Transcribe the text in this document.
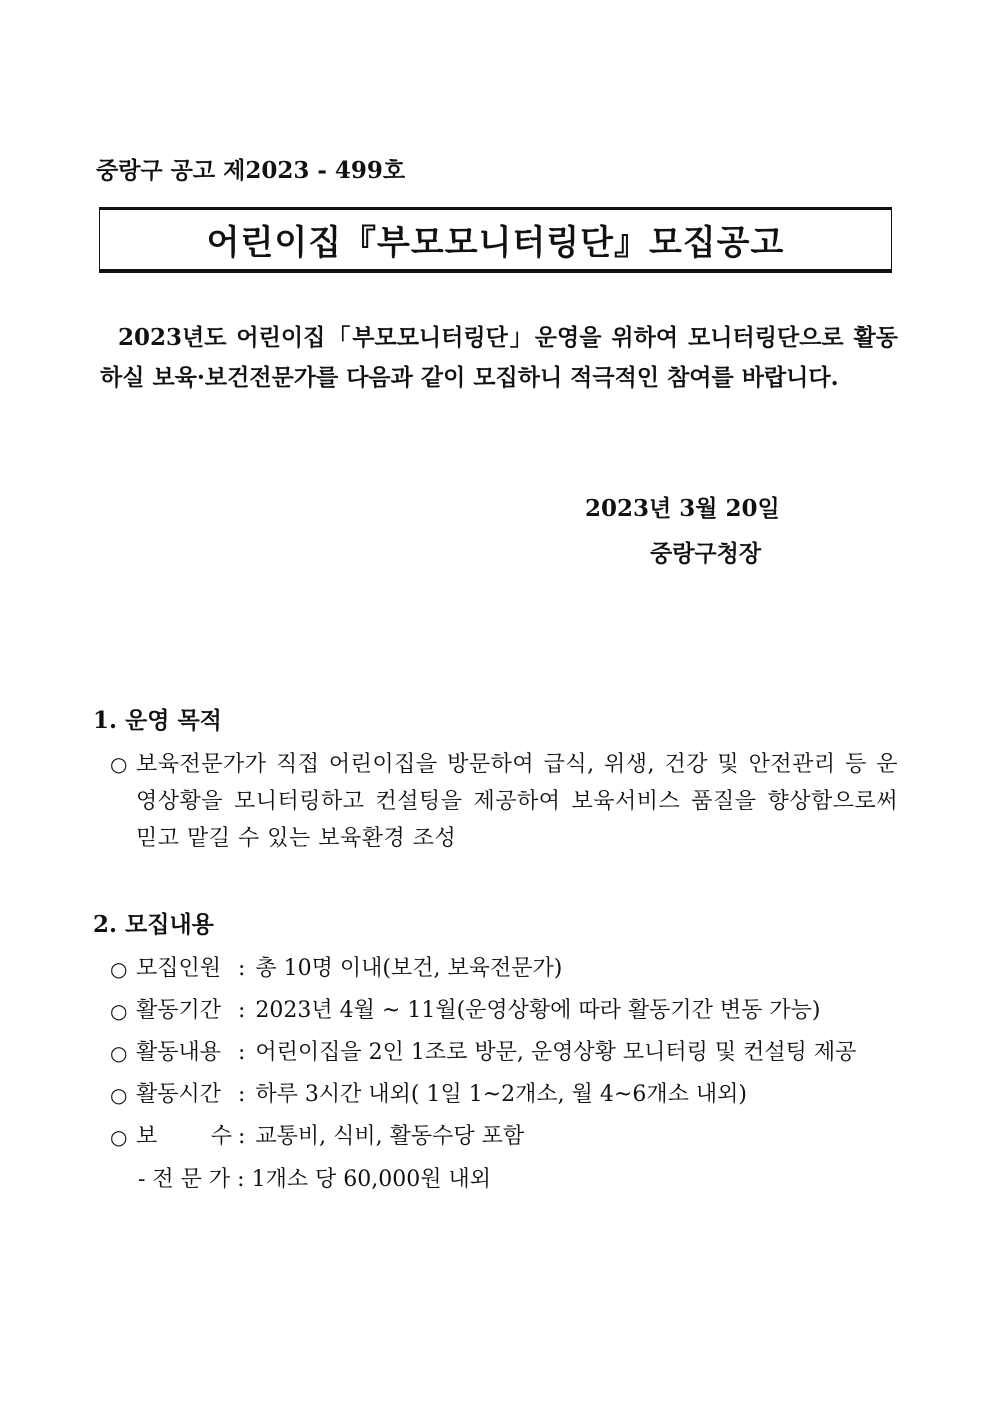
중랑구 공고 제2023 - 499호
어린이집『부모모니터링단』모집공고

2023년도 어린이집「부모모니터링단」운영을 위하여 모니터링단으로 활동하실 보육·보건전문가를 다음과 같이 모집하니 적극적인 참여를 바랍니다.

2023년 3월 20일
중랑구청장
1. 운영 목적
○ 보육전문가가 직접 어린이집을 방문하여 급식, 위생, 건강 및 안전관리 등 운영상황을 모니터링하고 컨설팅을 제공하여 보육서비스 품질을 향상함으로써 믿고 맡길 수 있는 보육환경 조성
2. 모집내용
○ 모집인원 : 총 10명 이내(보건, 보육전문가)
○ 활동기간 : 2023년 4월 ~ 11월(운영상황에 따라 활동기간 변동 가능)
○ 활동내용 : 어린이집을 2인 1조로 방문, 운영상황 모니터링 및 컨설팅 제공
○ 활동시간 : 하루 3시간 내외( 1일 1~2개소, 월 4~6개소 내외)
○ 보 수 : 교통비, 식비, 활동수당 포함
- 전 문 가 : 1개소 당 60,000원 내외
